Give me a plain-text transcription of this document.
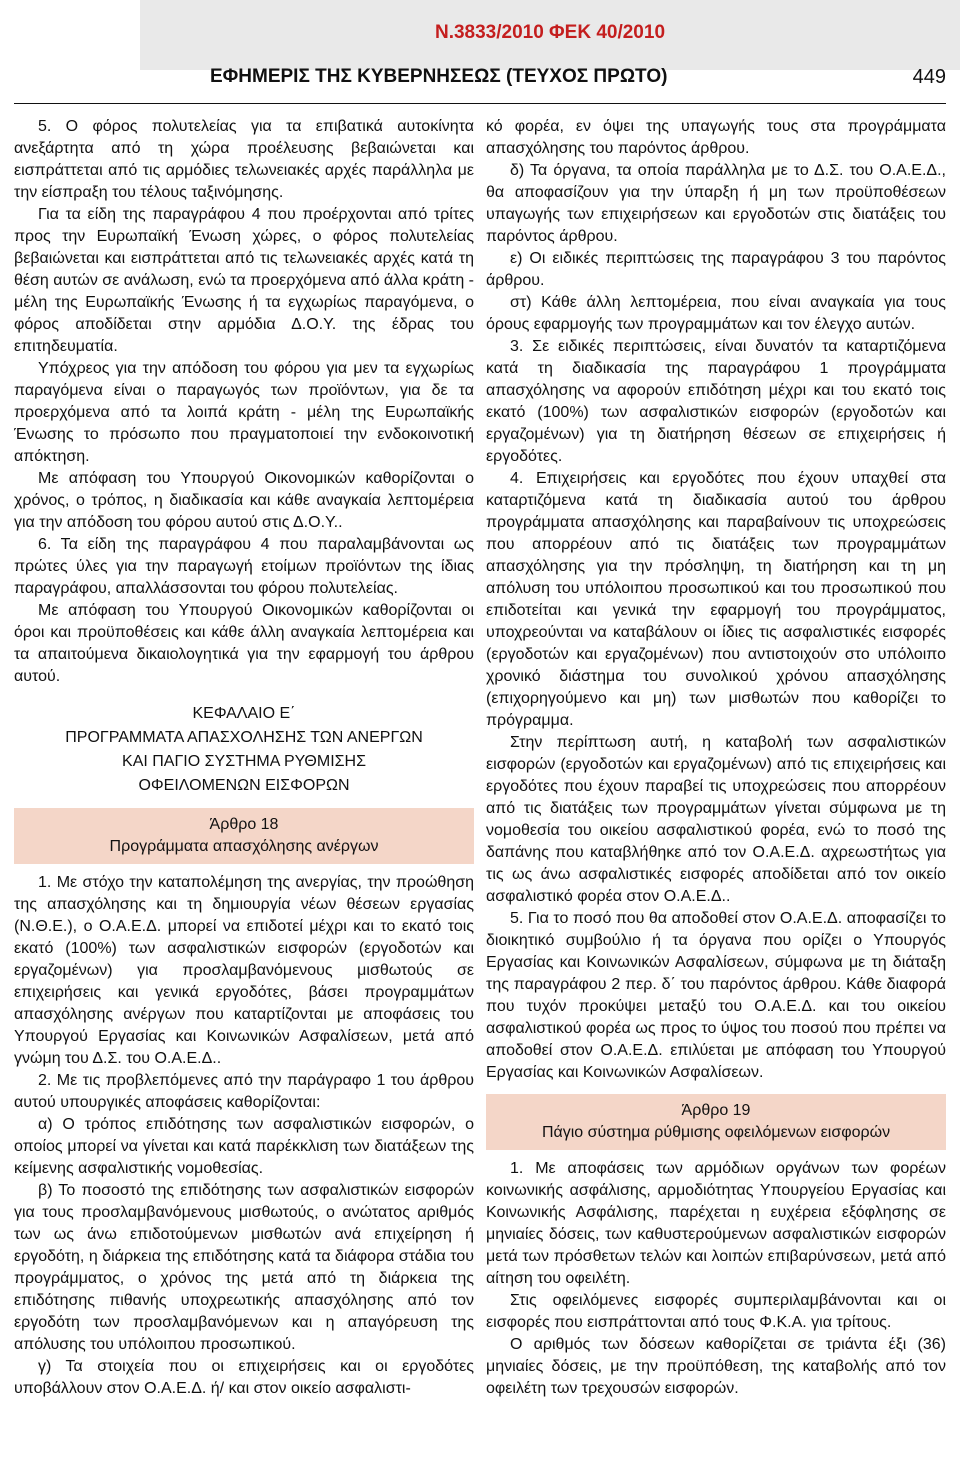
Ν.3833/2010 ΦΕΚ 40/2010
ΕΦΗΜΕΡΙΣ ΤΗΣ ΚΥΒΕΡΝΗΣΕΩΣ (ΤΕΥΧΟΣ ΠΡΩΤΟ)	449

5. Ο φόρος πολυτελείας για τα επιβατικά αυτοκίνητα ανεξάρτητα από τη χώρα προέλευσης βεβαιώνεται και εισπράττεται από τις αρμόδιες τελωνειακές αρχές παράλληλα με την είσπραξη του τέλους ταξινόμησης.

Για τα είδη της παραγράφου 4 που προέρχονται από τρίτες προς την Ευρωπαϊκή Ένωση χώρες, ο φόρος πολυτελείας βεβαιώνεται και εισπράττεται από τις τελωνειακές αρχές κατά τη θέση αυτών σε ανάλωση, ενώ τα προερχόμενα από άλλα κράτη - μέλη της Ευρωπαϊκής Ένωσης ή τα εγχωρίως παραγόμενα, ο φόρος αποδίδεται στην αρμόδια Δ.Ο.Υ. της έδρας του επιτηδευματία.

Υπόχρεος για την απόδοση του φόρου για μεν τα εγχωρίως παραγόμενα είναι ο παραγωγός των προϊόντων, για δε τα προερχόμενα από τα λοιπά κράτη - μέλη της Ευρωπαϊκής Ένωσης το πρόσωπο που πραγματοποιεί την ενδοκοινοτική απόκτηση.

Με απόφαση του Υπουργού Οικονομικών καθορίζονται ο χρόνος, ο τρόπος, η διαδικασία και κάθε αναγκαία λεπτομέρεια για την απόδοση του φόρου αυτού στις Δ.Ο.Υ..

6. Τα είδη της παραγράφου 4 που παραλαμβάνονται ως πρώτες ύλες για την παραγωγή ετοίμων προϊόντων της ίδιας παραγράφου, απαλλάσσονται του φόρου πολυτελείας.

Με απόφαση του Υπουργού Οικονομικών καθορίζονται οι όροι και προϋποθέσεις και κάθε άλλη αναγκαία λεπτομέρεια και τα απαιτούμενα δικαιολογητικά για την εφαρμογή του άρθρου αυτού.

ΚΕΦΑΛΑΙΟ Ε΄
ΠΡΟΓΡΑΜΜΑΤΑ ΑΠΑΣΧΟΛΗΣΗΣ ΤΩΝ ΑΝΕΡΓΩΝ
ΚΑΙ ΠΑΓΙΟ ΣΥΣΤΗΜΑ ΡΥΘΜΙΣΗΣ
ΟΦΕΙΛΟΜΕΝΩΝ ΕΙΣΦΟΡΩΝ
Άρθρο 18
Προγράμματα απασχόλησης ανέργων

1. Με στόχο την καταπολέμηση της ανεργίας, την προώθηση της απασχόλησης και τη δημιουργία νέων θέσεων εργασίας (Ν.Θ.Ε.), ο Ο.Α.Ε.Δ. μπορεί να επιδοτεί μέχρι και το εκατό τοις εκατό (100%) των ασφαλιστικών εισφορών (εργοδοτών και εργαζομένων) για προσλαμβανόμενους μισθωτούς σε επιχειρήσεις και γενικά εργοδότες, βάσει προγραμμάτων απασχόλησης ανέργων που καταρτίζονται με αποφάσεις του Υπουργού Εργασίας και Κοινωνικών Ασφαλίσεων, μετά από γνώμη του Δ.Σ. του Ο.Α.Ε.Δ..

2. Με τις προβλεπόμενες από την παράγραφο 1 του άρθρου αυτού υπουργικές αποφάσεις καθορίζονται:

α) Ο τρόπος επιδότησης των ασφαλιστικών εισφορών, ο οποίος μπορεί να γίνεται και κατά παρέκκλιση των διατάξεων της κείμενης ασφαλιστικής νομοθεσίας.

β) Το ποσοστό της επιδότησης των ασφαλιστικών εισφορών για τους προσλαμβανόμενους μισθωτούς, ο ανώτατος αριθμός των ως άνω επιδοτούμενων μισθωτών ανά επιχείρηση ή εργοδότη, η διάρκεια της επιδότησης κατά τα διάφορα στάδια του προγράμματος, ο χρόνος της μετά από τη διάρκεια της επιδότησης πιθανής υποχρεωτικής απασχόλησης από τον εργοδότη των προσλαμβανόμενων και η απαγόρευση της απόλυσης του υπόλοιπου προσωπικού.

γ) Τα στοιχεία που οι επιχειρήσεις και οι εργοδότες υποβάλλουν στον Ο.Α.Ε.Δ. ή/ και στον οικείο ασφαλιστι-

κό φορέα, εν όψει της υπαγωγής τους στα προγράμματα απασχόλησης του παρόντος άρθρου.

δ) Τα όργανα, τα οποία παράλληλα με το Δ.Σ. του Ο.Α.Ε.Δ., θα αποφασίζουν για την ύπαρξη ή μη των προϋποθέσεων υπαγωγής των επιχειρήσεων και εργοδοτών στις διατάξεις του παρόντος άρθρου.

ε) Οι ειδικές περιπτώσεις της παραγράφου 3 του παρόντος άρθρου.

στ) Κάθε άλλη λεπτομέρεια, που είναι αναγκαία για τους όρους εφαρμογής των προγραμμάτων και τον έλεγχο αυτών.

3. Σε ειδικές περιπτώσεις, είναι δυνατόν τα καταρτιζόμενα κατά τη διαδικασία της παραγράφου 1 προγράμματα απασχόλησης να αφορούν επιδότηση μέχρι και του εκατό τοις εκατό (100%) των ασφαλιστικών εισφορών (εργοδοτών και εργαζομένων) για τη διατήρηση θέσεων σε επιχειρήσεις ή εργοδότες.

4. Επιχειρήσεις και εργοδότες που έχουν υπαχθεί στα καταρτιζόμενα κατά τη διαδικασία αυτού του άρθρου προγράμματα απασχόλησης και παραβαίνουν τις υποχρεώσεις που απορρέουν από τις διατάξεις των προγραμμάτων απασχόλησης για την πρόσληψη, τη διατήρηση και τη μη απόλυση του υπόλοιπου προσωπικού και του προσωπικού που επιδοτείται και γενικά την εφαρμογή του προγράμματος, υποχρεούνται να καταβάλουν οι ίδιες τις ασφαλιστικές εισφορές (εργοδοτών και εργαζομένων) που αντιστοιχούν στο υπόλοιπο χρονικό διάστημα του συνολικού χρόνου απασχόλησης (επιχορηγούμενο και μη) των μισθωτών που καθορίζει το πρόγραμμα.

Στην περίπτωση αυτή, η καταβολή των ασφαλιστικών εισφορών (εργοδοτών και εργαζομένων) από τις επιχειρήσεις και εργοδότες που έχουν παραβεί τις υποχρεώσεις που απορρέουν από τις διατάξεις των προγραμμάτων γίνεται σύμφωνα με τη νομοθεσία του οικείου ασφαλιστικού φορέα, ενώ το ποσό της δαπάνης που καταβλήθηκε από τον Ο.Α.Ε.Δ. αχρεωστήτως για τις ως άνω ασφαλιστικές εισφορές αποδίδεται από τον οικείο ασφαλιστικό φορέα στον Ο.Α.Ε.Δ..

5. Για το ποσό που θα αποδοθεί στον Ο.Α.Ε.Δ. αποφασίζει το διοικητικό συμβούλιο ή τα όργανα που ορίζει ο Υπουργός Εργασίας και Κοινωνικών Ασφαλίσεων, σύμφωνα με τη διάταξη της παραγράφου 2 περ. δ΄ του παρόντος άρθρου. Κάθε διαφορά που τυχόν προκύψει μεταξύ του Ο.Α.Ε.Δ. και του οικείου ασφαλιστικού φορέα ως προς το ύψος του ποσού που πρέπει να αποδοθεί στον Ο.Α.Ε.Δ. επιλύεται με απόφαση του Υπουργού Εργασίας και Κοινωνικών Ασφαλίσεων.

Άρθρο 19
Πάγιο σύστημα ρύθμισης οφειλόμενων εισφορών

1. Με αποφάσεις των αρμόδιων οργάνων των φορέων κοινωνικής ασφάλισης, αρμοδιότητας Υπουργείου Εργασίας και Κοινωνικής Ασφάλισης, παρέχεται η ευχέρεια εξόφλησης σε μηνιαίες δόσεις, των καθυστερούμενων ασφαλιστικών εισφορών μετά των πρόσθετων τελών και λοιπών επιβαρύνσεων, μετά από αίτηση του οφειλέτη.

Στις οφειλόμενες εισφορές συμπεριλαμβάνονται και οι εισφορές που εισπράττονται από τους Φ.Κ.Α. για τρίτους.

Ο αριθμός των δόσεων καθορίζεται σε τριάντα έξι (36) μηνιαίες δόσεις, με την προϋπόθεση, της καταβολής από τον οφειλέτη των τρεχουσών εισφορών.
